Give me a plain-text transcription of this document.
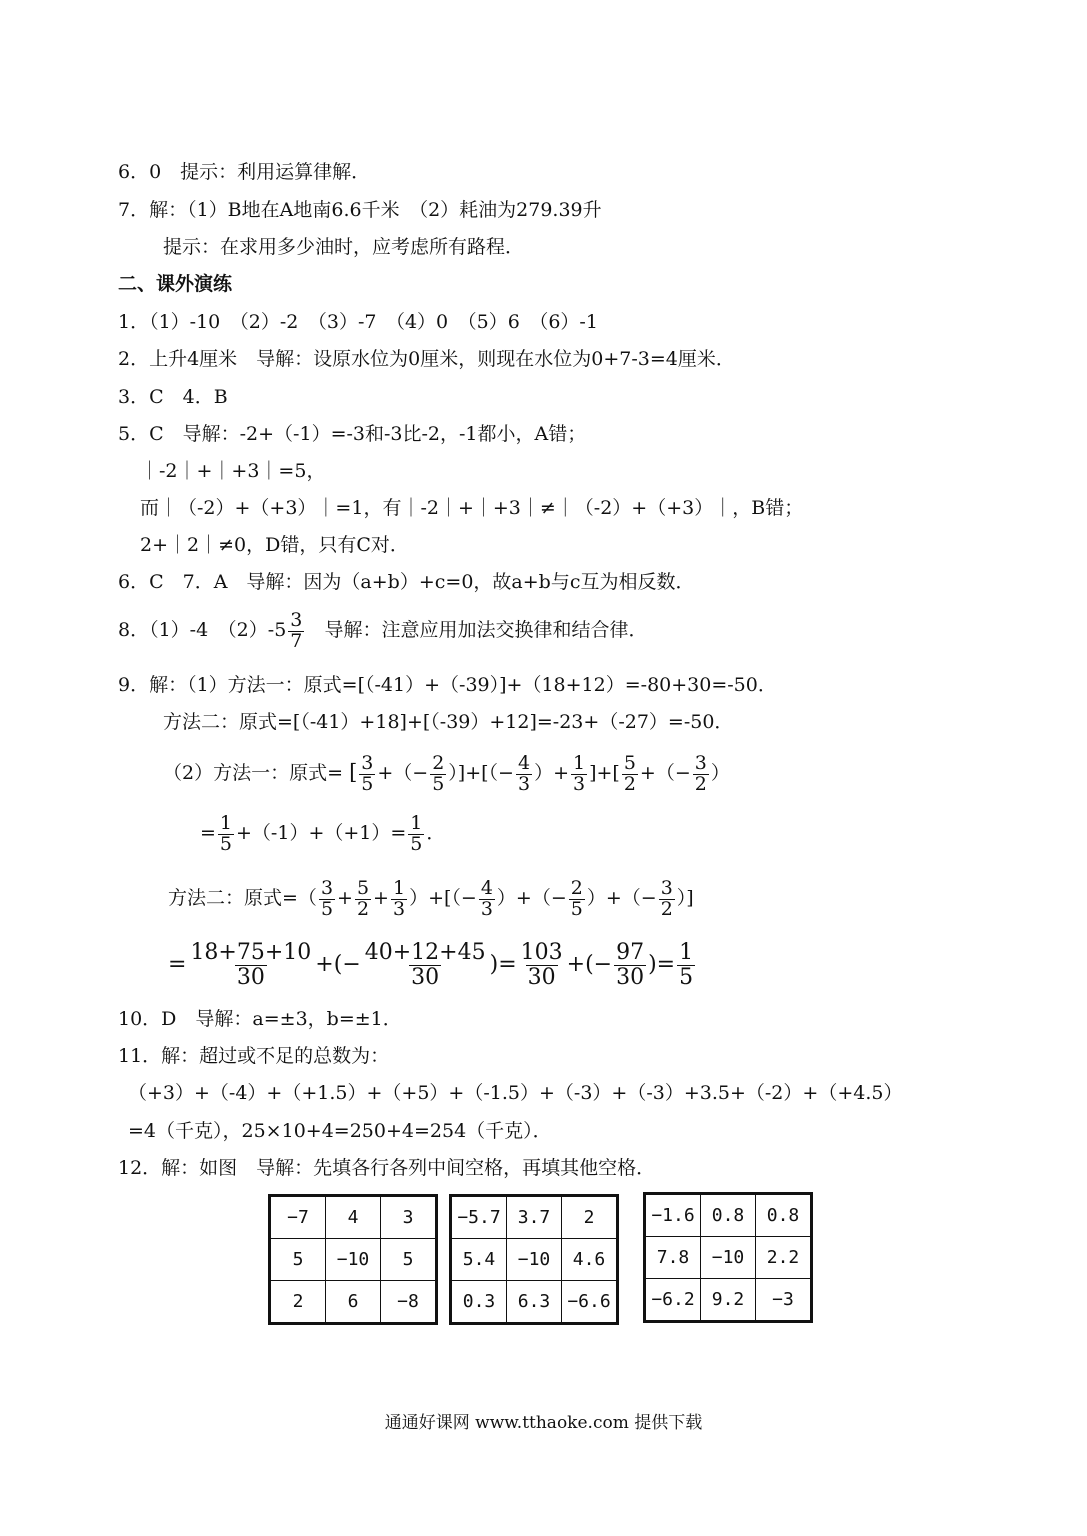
6．0　提示：利用运算律解．
7．解：（1）B地在A地南6.6千米　（2）耗油为279.39升
提示：在求用多少油时，应考虑所有路程．
二、课外演练
1．（1）-10　（2）-2　（3）-7　（4）0　（5）6　（6）-1
2．上升4厘米　导解：设原水位为0厘米，则现在水位为0+7-3=4厘米．
3．C　4．B
5．C　导解：-2+（-1）=-3和-3比-2，-1都小，A错；
｜-2｜+｜+3｜=5，
而｜（-2）+（+3）｜=1，有｜-2｜+｜+3｜≠｜（-2）+（+3）｜，B错；
2+｜2｜≠0，D错，只有C对．
6．C　7．A　导解：因为（a+b）+c=0，故a+b与c互为相反数．
8．（1）-4　$(2)-5 \frac{3}{7}$ 导解：注意应用加法交换律和结合律．
9．解：（1）方法一：原式=[（-41）+（-39）]+（18+12）=-80+30=-50．
方法二：原式=[（-41）+18]+[（-39）+12]=-23+（-27）=-50．
（2）方法一：原式= [ $\frac{3}{5}$ +（− $\frac{2}{5}$ ）]+[（− $\frac{4}{3}$ ）+ $\frac{1}{3}$ ]+[ $\frac{5}{2}$ +（− $\frac{3}{2}$ ）
= $\frac{1}{5} +(-1)+(+1)= \frac{1}{5}$ ．
方法二：原式=（ $\frac{3}{5} + \frac{5}{2} + \frac{1}{3}$ ）+[（− $\frac{4}{3}$ ）+（− $\frac{2}{5}$ ）+（− $\frac{3}{2}$ ）]
= $\frac{18+75+10}{30}$ +(− $\frac{40+12+45}{30}$ )= $\frac{103}{30}$ +(− $\frac{97}{30}$ )= $\frac{1}{5}$
10．D　导解：a=±3，b=±1．
11．解：超过或不足的总数为：
（+3）+（-4）+（+1.5）+（+5）+（-1.5）+（-3）+（-3）+3.5+（-2）+（+4.5）
=4（千克），25×10+4=250+4=254（千克）．
12．解：如图　导解：先填各行各列中间空格，再填其他空格．
−7	4	3
5	−10	5
2	6	−8
−5.7	3.7	2
5.4	−10	4.6
0.3	6.3	−6.6
−1.6	0.8	0.8
7.8	−10	2.2
−6.2	9.2	−3
通通好课网 www.tthaoke.com 提供下载
